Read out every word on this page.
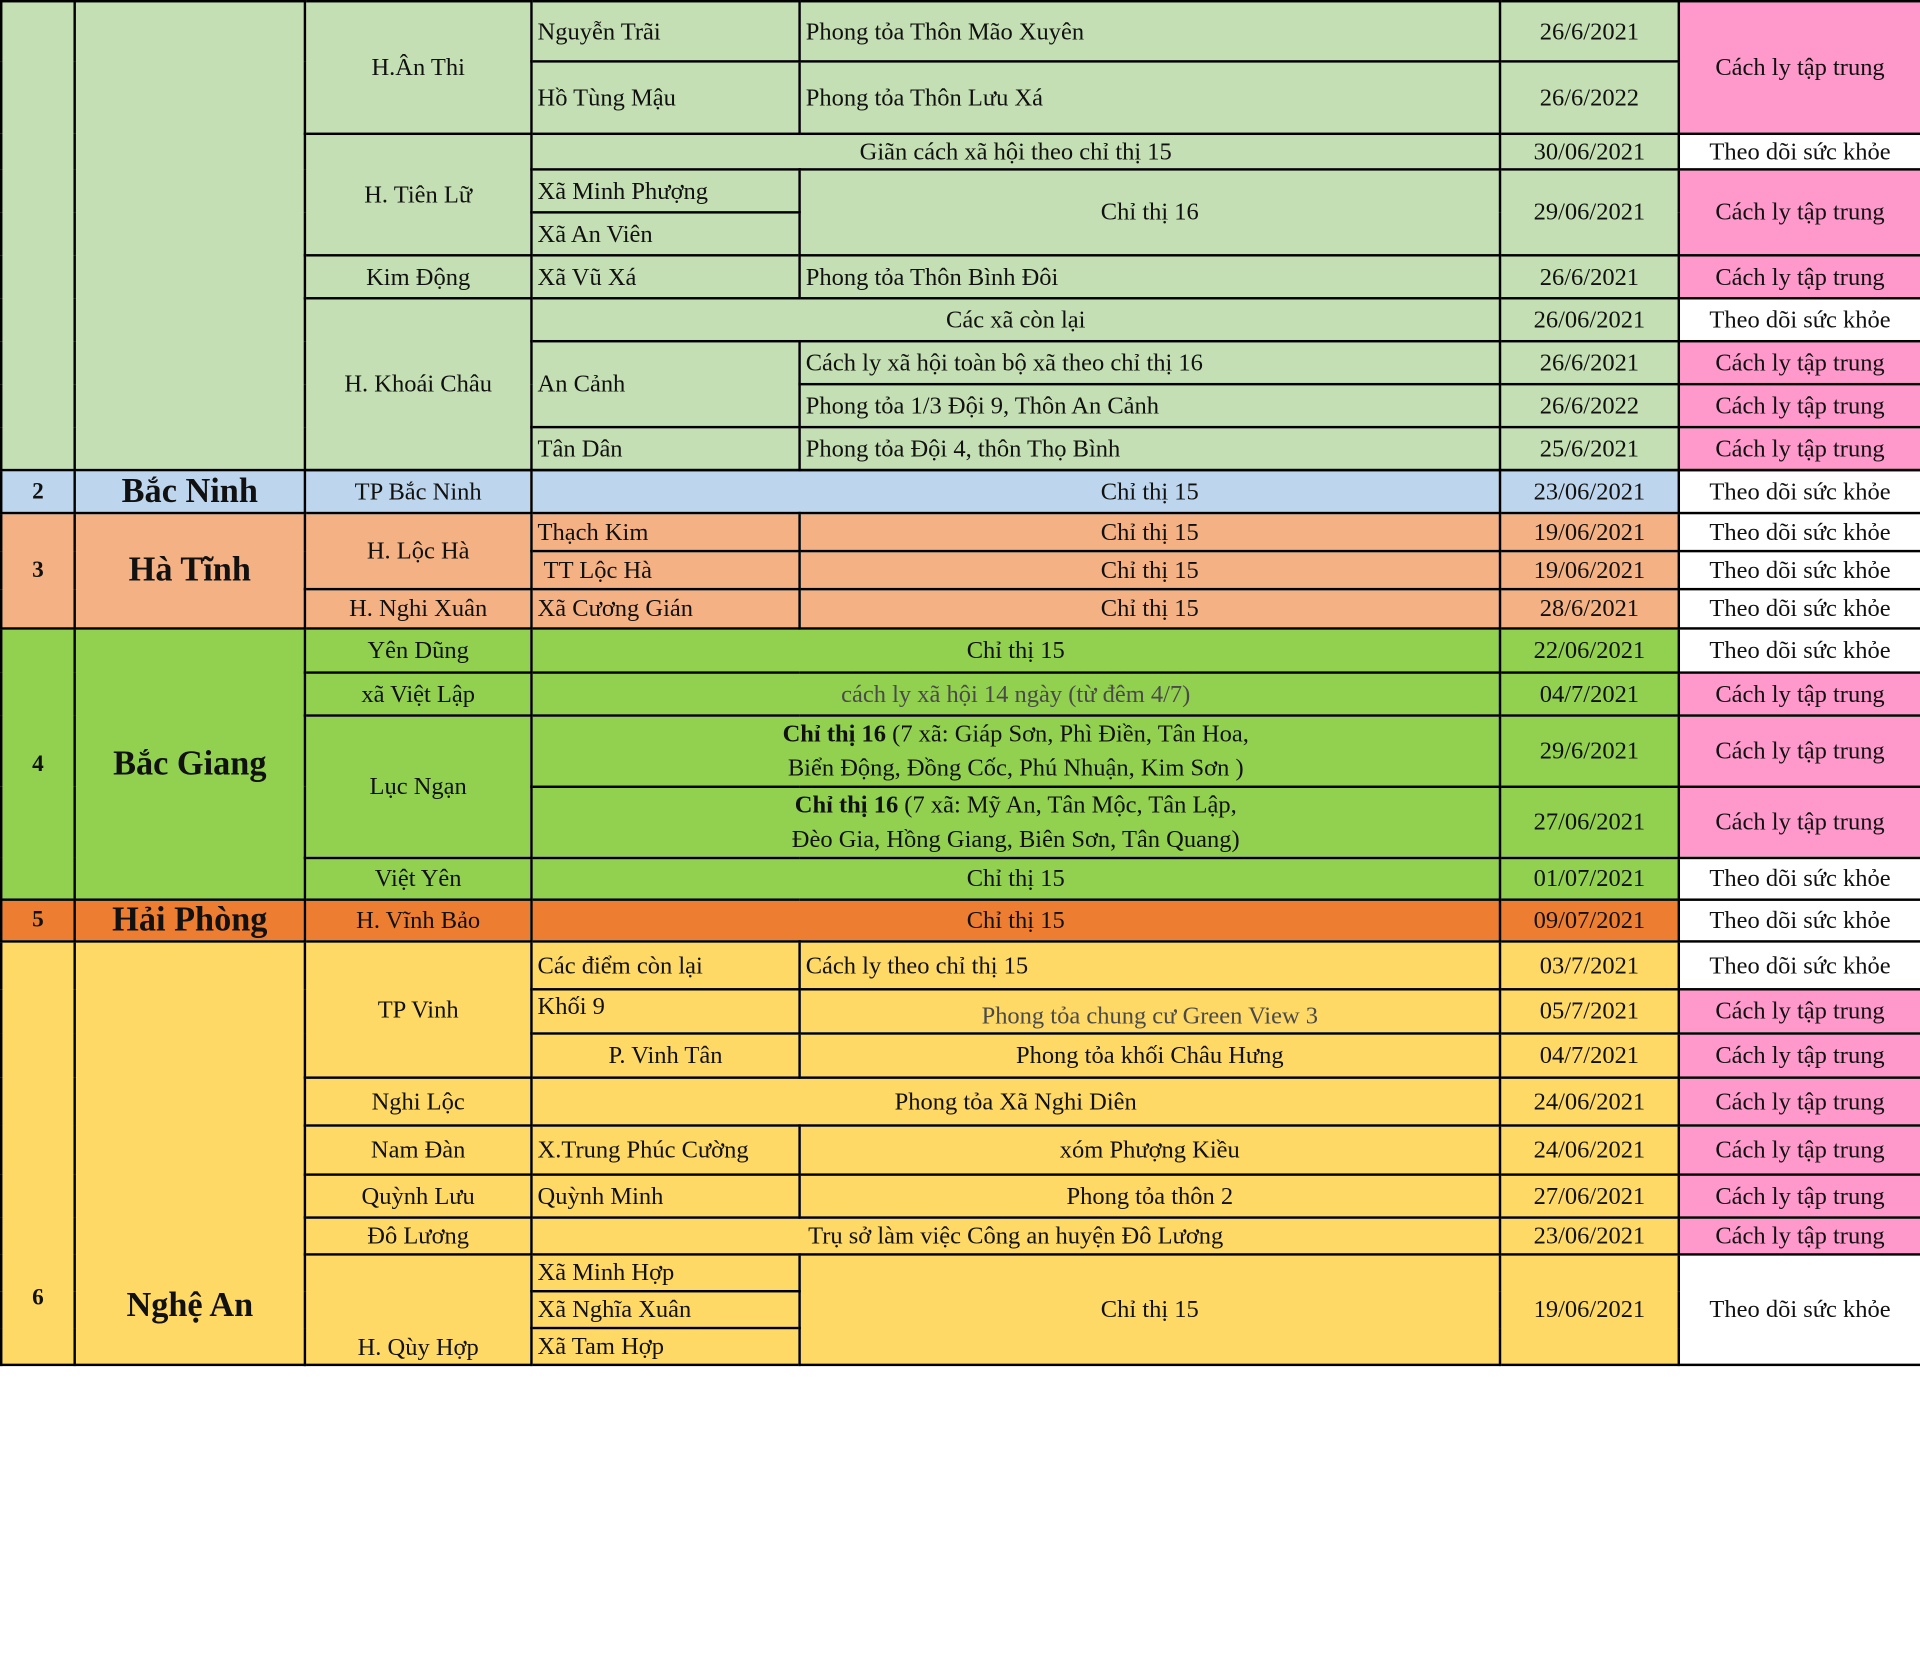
		H.Ân Thi	Nguyễn Trãi	Phong tỏa Thôn Mão Xuyên	26/6/2021	Cách ly tập trung
			Hồ Tùng Mậu	Phong tỏa Thôn Lưu Xá	26/6/2022	
		H. Tiên Lữ	Giãn cách xã hội theo chỉ thị 15		30/06/2021	Theo dõi sức khỏe
			Xã Minh Phượng	Chỉ thị 16	29/06/2021	Cách ly tập trung
			Xã An Viên			
		Kim Động	Xã Vũ Xá	Phong tỏa Thôn Bình Đôi	26/6/2021	Cách ly tập trung
		H. Khoái Châu	Các xã còn lại		26/06/2021	Theo dõi sức khỏe
			An Cảnh	Cách ly xã hội toàn bộ xã theo chỉ thị 16	26/6/2021	Cách ly tập trung
				Phong tỏa 1/3 Đội 9, Thôn An Cảnh	26/6/2022	Cách ly tập trung
			Tân Dân	Phong tỏa Đội 4, thôn Thọ Bình	25/6/2021	Cách ly tập trung

2	Bắc Ninh	TP Bắc Ninh	Chỉ thị 15		23/06/2021	Theo dõi sức khỏe
3	Hà Tĩnh	H. Lộc Hà	Thạch Kim	Chỉ thị 15	19/06/2021	Theo dõi sức khỏe
			TT Lộc Hà	Chỉ thị 15	19/06/2021	Theo dõi sức khỏe
		H. Nghi Xuân	Xã Cương Gián	Chỉ thị 15	28/6/2021	Theo dõi sức khỏe
4	Bắc Giang	Yên Dũng	Chỉ thị 15		22/06/2021	Theo dõi sức khỏe
		xã Việt Lập	cách ly xã hội 14 ngày (từ đêm 4/7)		04/7/2021	Cách ly tập trung
		Lục Ngạn	Chỉ thị 16 (7 xã: Giáp Sơn, Phì Điền, Tân Hoa,
Biển Động, Đồng Cốc, Phú Nhuận, Kim Sơn )		29/6/2021	Cách ly tập trung
			Chỉ thị 16 (7 xã: Mỹ An, Tân Mộc, Tân Lập,
Đèo Gia, Hồng Giang, Biên Sơn, Tân Quang)		27/06/2021	Cách ly tập trung
		Việt Yên	Chỉ thị 15		01/07/2021	Theo dõi sức khỏe
5	Hải Phòng	H. Vĩnh Bảo	Chỉ thị 15		09/07/2021	Theo dõi sức khỏe
6	Nghệ An	TP Vinh	Các điểm còn lại	Cách ly theo chỉ thị 15	03/7/2021	Theo dõi sức khỏe
			Khối 9	Phong tỏa chung cư Green View 3	05/7/2021	Cách ly tập trung
			P. Vinh Tân	Phong tỏa khối Châu Hưng	04/7/2021	Cách ly tập trung
		Nghi Lộc	Phong tỏa Xã Nghi Diên		24/06/2021	Cách ly tập trung
		Nam Đàn	X.Trung Phúc Cường	xóm Phượng Kiều	24/06/2021	Cách ly tập trung
		Quỳnh Lưu	Quỳnh Minh	Phong tỏa thôn 2	27/06/2021	Cách ly tập trung
		Đô Lương	Trụ sở làm việc Công an huyện Đô Lương		23/06/2021	Cách ly tập trung
		H. Qùy Hợp	Xã Minh Hợp	Chỉ thị 15	19/06/2021	Theo dõi sức khỏe
			Xã Nghĩa Xuân			
			Xã Tam Hợp			
